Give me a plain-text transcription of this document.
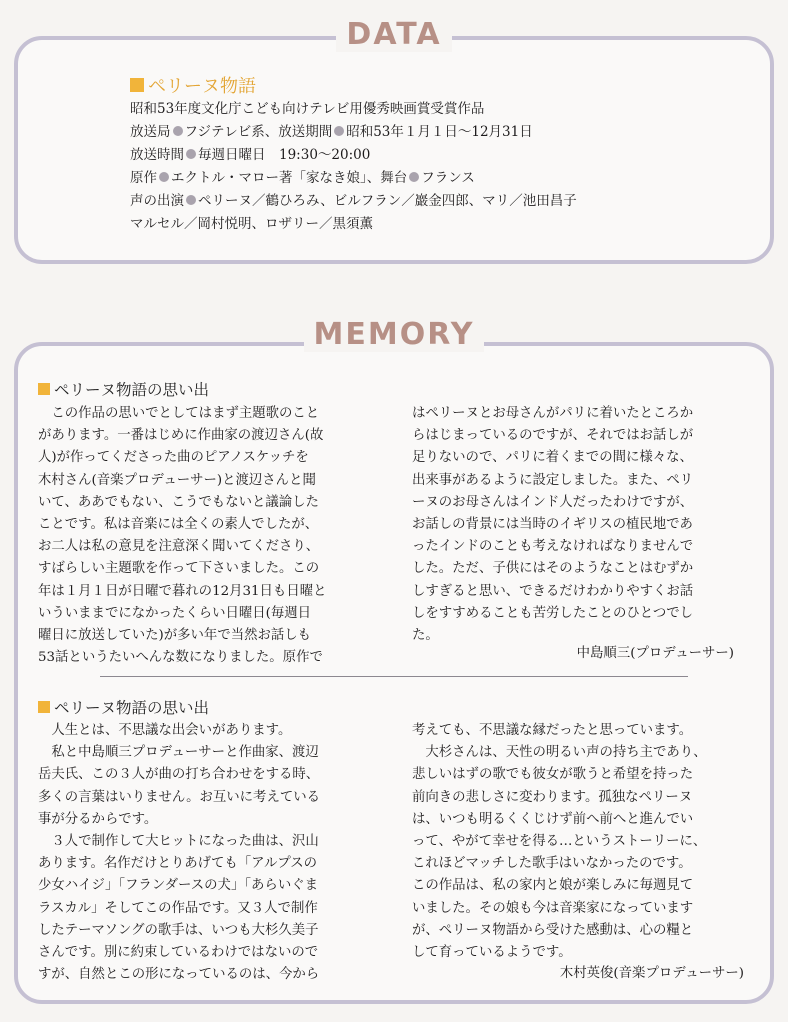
DATA
ペリーヌ物語
昭和53年度文化庁こども向けテレビ用優秀映画賞受賞作品
放送局 フジテレビ系、放送期間 昭和53年１月１日～12月31日
放送時間 毎週日曜日　19:30～20:00
原作 エクトル・マロー著「家なき娘」、舞台 フランス
声の出演 ペリーヌ／鶴ひろみ、ビルフラン／巖金四郎、マリ／池田昌子
マルセル／岡村悦明、ロザリー／黒須薫
MEMORY
ペリーヌ物語の思い出
この作品の思いでとしてはまず主題歌のこと
があります。一番はじめに作曲家の渡辺さん(故
人)が作ってくださった曲のピアノスケッチを
木村さん(音楽プロデューサー)と渡辺さんと聞
いて、ああでもない、こうでもないと議論した
ことです。私は音楽には全くの素人でしたが、
お二人は私の意見を注意深く聞いてくださり、
すばらしい主題歌を作って下さいました。この
年は１月１日が日曜で暮れの12月31日も日曜と
いういままでになかったくらい日曜日(毎週日
曜日に放送していた)が多い年で当然お話しも
53話というたいへんな数になりました。原作で
はペリーヌとお母さんがパリに着いたところか
らはじまっているのですが、それではお話しが
足りないので、パリに着くまでの間に様々な、
出来事があるように設定しました。また、ペリ
ーヌのお母さんはインド人だったわけですが、
お話しの背景には当時のイギリスの植民地であ
ったインドのことも考えなければなりませんで
した。ただ、子供にはそのようなことはむずか
しすぎると思い、できるだけわかりやすくお話
しをすすめることも苦労したことのひとつでし
た。
中島順三(プロデューサー)
ペリーヌ物語の思い出
人生とは、不思議な出会いがあります。
私と中島順三プロデューサーと作曲家、渡辺
岳夫氏、この３人が曲の打ち合わせをする時、
多くの言葉はいりません。お互いに考えている
事が分るからです。
３人で制作して大ヒットになった曲は、沢山
あります。名作だけとりあげても「アルプスの
少女ハイジ」「フランダースの犬」「あらいぐま
ラスカル」そしてこの作品です。又３人で制作
したテーマソングの歌手は、いつも大杉久美子
さんです。別に約束しているわけではないので
すが、自然とこの形になっているのは、今から
考えても、不思議な縁だったと思っています。
大杉さんは、天性の明るい声の持ち主であり、
悲しいはずの歌でも彼女が歌うと希望を持った
前向きの悲しさに変わります。孤独なペリーヌ
は、いつも明るくくじけず前へ前へと進んでい
って、やがて幸せを得る…というストーリーに、
これほどマッチした歌手はいなかったのです。
この作品は、私の家内と娘が楽しみに毎週見て
いました。その娘も今は音楽家になっています
が、ペリーヌ物語から受けた感動は、心の糧と
して育っているようです。
木村英俊(音楽プロデューサー)
